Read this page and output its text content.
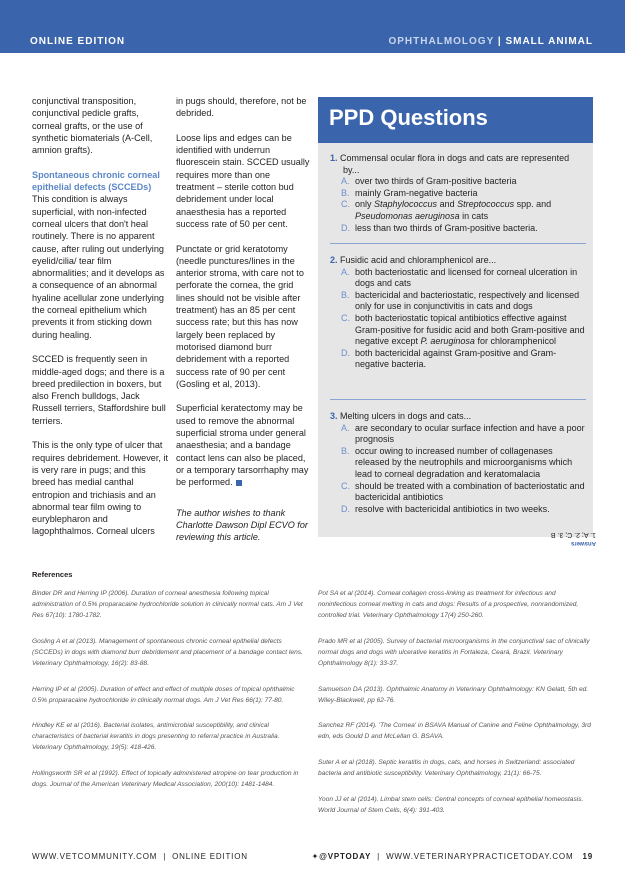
ONLINE EDITION	OPHTHALMOLOGY | SMALL ANIMAL

conjunctival transposition, conjunctival pedicle grafts, corneal grafts, or the use of synthetic biomaterials (A-Cell, amnion grafts).

Spontaneous chronic corneal epithelial defects (SCCEDs)

This condition is always superficial, with non-infected corneal ulcers that don't heal routinely. There is no apparent cause, after ruling out underlying eyelid/cilia/ tear film abnormalities; and it develops as a consequence of an abnormal hyaline acellular zone underlying the corneal epithelium which prevents it from sticking down during healing.

SCCED is frequently seen in middle-aged dogs; and there is a breed predilection in boxers, but also French bulldogs, Jack Russell terriers, Staffordshire bull terriers.

This is the only type of ulcer that requires debridement. However, it is very rare in pugs; and this breed has medial canthal entropion and trichiasis and an abnormal tear film owing to euryblepharon and lagophthalmos. Corneal ulcers

in pugs should, therefore, not be debrided.

Loose lips and edges can be identified with underrun fluorescein stain. SCCED usually requires more than one treatment – sterile cotton bud debridement under local anaesthesia has a reported success rate of 50 per cent.

Punctate or grid keratotomy (needle punctures/lines in the anterior stroma, with care not to perforate the cornea, the grid lines should not be visible after treatment) has an 85 per cent success rate; but this has now largely been replaced by motorised diamond burr debridement with a reported success rate of 90 per cent (Gosling et al, 2013).

Superficial keratectomy may be used to remove the abnormal superficial stroma under general anaesthesia; and a bandage contact lens can also be placed, or a temporary tarsorrhaphy may be performed.

The author wishes to thank Charlotte Dawson Dipl ECVO for reviewing this article.

PPD Questions
1. Commensal ocular flora in dogs and cats are represented by...
A. over two thirds of Gram-positive bacteria
B. mainly Gram-negative bacteria
C. only Staphylococcus and Streptococcus spp. and Pseudomonas aeruginosa in cats
D. less than two thirds of Gram-positive bacteria.
2. Fusidic acid and chloramphenicol are...
A. both bacteriostatic and licensed for corneal ulceration in dogs and cats
B. bactericidal and bacteriostatic, respectively and licensed only for use in conjunctivitis in cats and dogs
C. both bacteriostatic topical antibiotics effective against Gram-positive for fusidic acid and both Gram-positive and negative except P. aeruginosa for chloramphenicol
D. both bactericidal against Gram-positive and Gram-negative bacteria.
3. Melting ulcers in dogs and cats...
A. are secondary to ocular surface infection and have a poor prognosis
B. occur owing to increased number of collagenases released by the neutrophils and microorganisms which lead to corneal degradation and keratomalacia
C. should be treated with a combination of bacteriostatic and bactericidal antibiotics
D. resolve with bactericidal antibiotics in two weeks.
Answers
1. A; 2. C; 3. B
References

Binder DR and Herring IP (2006). Duration of corneal anesthesia following topical administration of 0.5% proparacaine hydrochloride solution in clinically normal cats. Am J Vet Res 67(10): 1780-1782.

Gosling A et al (2013). Management of spontaneous chronic corneal epithelial defects (SCCEDs) in dogs with diamond burr debridement and placement of a bandage contact lens. Veterinary Ophthalmology, 16(2): 83-88.

Herring IP et al (2005). Duration of effect and effect of multiple doses of topical ophthalmic 0.5% proparacaine hydrochloride in clinically normal dogs. Am J Vet Res 66(1): 77-80.

Hindley KE et al (2016). Bacterial isolates, antimicrobial susceptibility, and clinical characteristics of bacterial keratitis in dogs presenting to referral practice in Australia. Veterinary Ophthalmology, 19(5): 418-426.

Hollingsworth SR et al (1992). Effect of topically administered atropine on tear production in dogs. Journal of the American Veterinary Medical Association, 200(10): 1481-1484.

Pot SA et al (2014). Corneal collagen cross-linking as treatment for infectious and noninfectious corneal melting in cats and dogs: Results of a prospective, nonrandomized, controlled trial. Veterinary Ophthalmology 17(4) 250-260.

Prado MR et al (2005). Survey of bacterial microorganisms in the conjunctival sac of clinically normal dogs and dogs with ulcerative keratitis in Fortaleza, Ceará, Brazil. Veterinary Ophthalmology 8(1): 33-37.

Samuelson DA (2013). Ophthalmic Anatomy in Veterinary Ophthalmology: KN Gelatt, 5th ed. Wiley-Blackwell, pp 62-76.

Sanchez RF (2014). 'The Cornea' in BSAVA Manual of Canine and Feline Ophthalmology, 3rd edn, eds Gould D and McLellan G. BSAVA.

Suter A et al (2018). Septic keratitis in dogs, cats, and horses in Switzerland: associated bacteria and antibiotic susceptibility. Veterinary Ophthalmology, 21(1): 66-75.

Yoon JJ et al (2014). Limbal stem cells: Central concepts of corneal epithelial homeostasis. World Journal of Stem Cells, 6(4): 391-403.

WWW.VETCOMMUNITY.COM  |  ONLINE EDITION	✦@VPTODAY  |  WWW.VETERINARYPRACTICETODAY.COM 19
